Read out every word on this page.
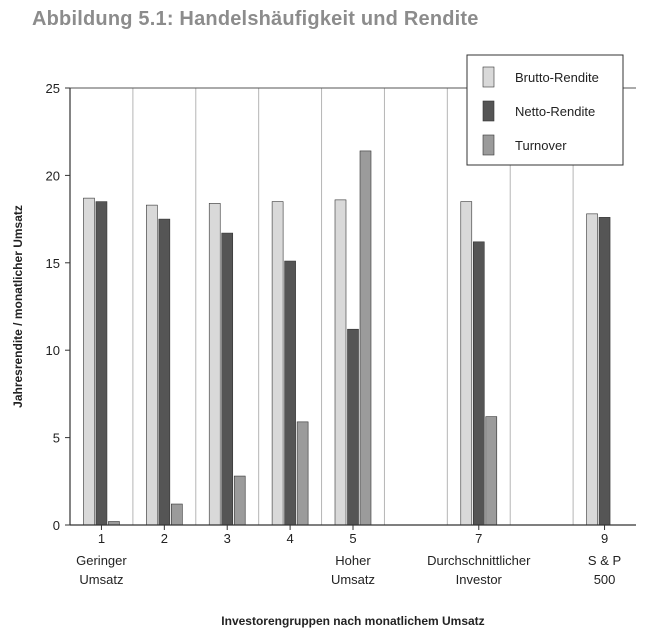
Abbildung 5.1: Handelshäufigkeit und Rendite
1
Geringer
Umsatz
2	3	4	5
Hoher
Umsatz
7
Durchschnittlicher
Investor
9
S & P
500
0
5
10
15
20
25
Brutto-Rendite
Netto-Rendite
Turnover
Investorengruppen nach monatlichem Umsatz
Jahresrendite / monatlicher Umsatz
